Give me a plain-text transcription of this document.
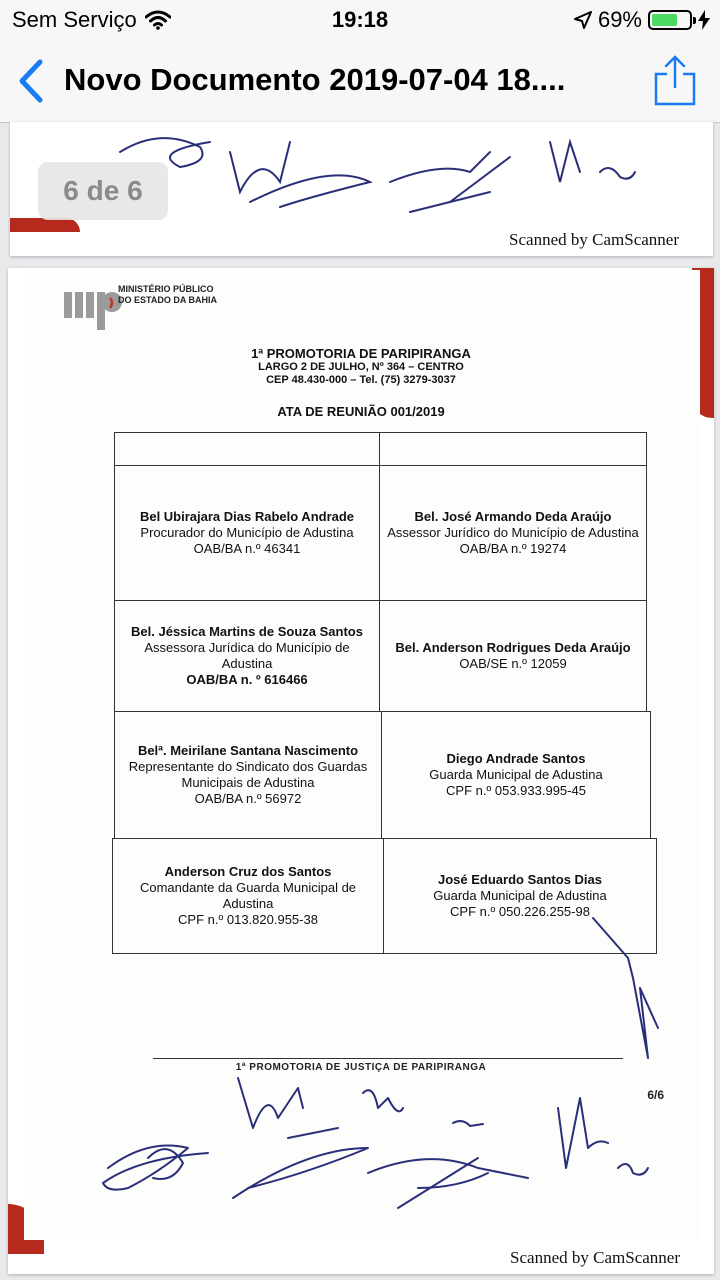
Sem Serviço	19:18	69%
Novo Documento 2019-07-04 18....
Scanned by CamScanner
6 de 6
MINISTÉRIO PÚBLICO
DO ESTADO DA BAHIA
1ª PROMOTORIA DE PARIPIRANGA
LARGO 2 DE JULHO, Nº 364 – CENTRO
CEP 48.430-000 – Tel. (75) 3279-3037
ATA DE REUNIÃO 001/2019
Bel Ubirajara Dias Rabelo Andrade
Procurador do Município de Adustina
OAB/BA n.º 46341
Bel. José Armando Deda Araújo
Assessor Jurídico do Município de Adustina
OAB/BA n.º 19274
Bel. Jéssica Martins de Souza Santos
Assessora Jurídica do Município de Adustina
OAB/BA n. º 616466
Bel. Anderson Rodrigues Deda Araújo
OAB/SE n.º 12059
Belª. Meirilane Santana Nascimento
Representante do Sindicato dos Guardas Municipais de Adustina
OAB/BA n.º 56972
Diego Andrade Santos
Guarda Municipal de Adustina
CPF n.º 053.933.995-45
Anderson Cruz dos Santos
Comandante da Guarda Municipal de Adustina
CPF n.º 013.820.955-38
José Eduardo Santos Dias
Guarda Municipal de Adustina
CPF n.º 050.226.255-98
1ª PROMOTORIA DE JUSTIÇA DE PARIPIRANGA
6/6
Scanned by CamScanner
